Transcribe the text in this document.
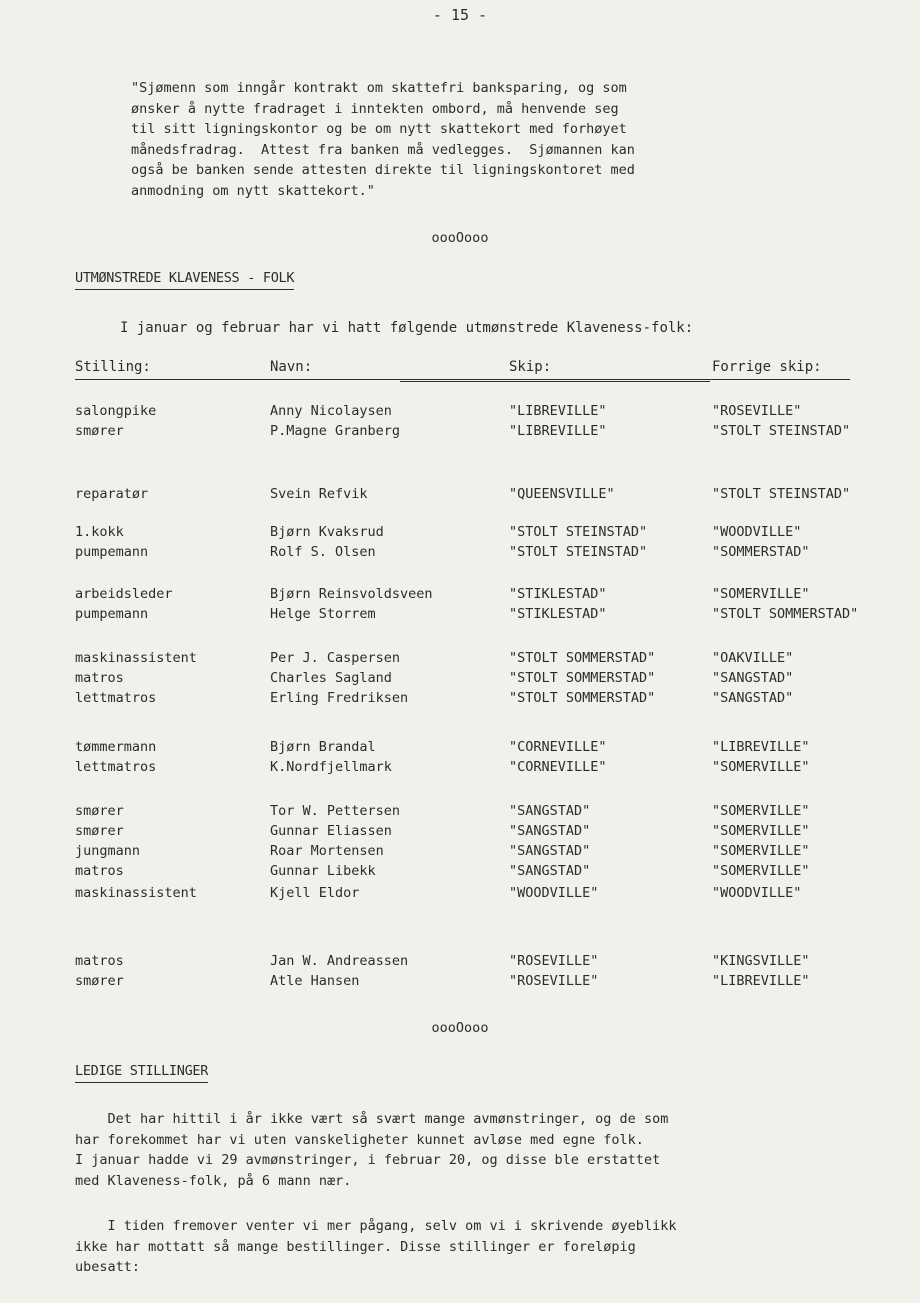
- 15 -
"Sjømenn som inngår kontrakt om skattefri banksparing, og som
ønsker å nytte fradraget i inntekten ombord, må henvende seg
til sitt ligningskontor og be om nytt skattekort med forhøyet
månedsfradrag.  Attest fra banken må vedlegges.  Sjømannen kan
også be banken sende attesten direkte til ligningskontoret med
anmodning om nytt skattekort."
oooOooo
UTMØNSTREDE KLAVENESS - FOLK
I januar og februar har vi hatt følgende utmønstrede Klaveness-folk:
Stilling:	Navn:	Skip:	Forrige skip:
salongpike	Anny Nicolaysen	"LIBREVILLE"	"ROSEVILLE"
smører	P.Magne Granberg	"LIBREVILLE"	"STOLT STEINSTAD"
reparatør	Svein Refvik	"QUEENSVILLE"	"STOLT STEINSTAD"
1.kokk	Bjørn Kvaksrud	"STOLT STEINSTAD"	"WOODVILLE"
pumpemann	Rolf S. Olsen	"STOLT STEINSTAD"	"SOMMERSTAD"
arbeidsleder	Bjørn Reinsvoldsveen	"STIKLESTAD"	"SOMERVILLE"
pumpemann	Helge Storrem	"STIKLESTAD"	"STOLT SOMMERSTAD"
maskinassistent	Per J. Caspersen	"STOLT SOMMERSTAD"	"OAKVILLE"
matros	Charles Sagland	"STOLT SOMMERSTAD"	"SANGSTAD"
lettmatros	Erling Fredriksen	"STOLT SOMMERSTAD"	"SANGSTAD"
tømmermann	Bjørn Brandal	"CORNEVILLE"	"LIBREVILLE"
lettmatros	K.Nordfjellmark	"CORNEVILLE"	"SOMERVILLE"
smører	Tor W. Pettersen	"SANGSTAD"	"SOMERVILLE"
smører	Gunnar Eliassen	"SANGSTAD"	"SOMERVILLE"
jungmann	Roar Mortensen	"SANGSTAD"	"SOMERVILLE"
matros	Gunnar Libekk	"SANGSTAD"	"SOMERVILLE"
maskinassistent	Kjell Eldor	"WOODVILLE"	"WOODVILLE"
matros	Jan W. Andreassen	"ROSEVILLE"	"KINGSVILLE"
smører	Atle Hansen	"ROSEVILLE"	"LIBREVILLE"
oooOooo
LEDIGE STILLINGER
Det har hittil i år ikke vært så svært mange avmønstringer, og de som
har forekommet har vi uten vanskeligheter kunnet avløse med egne folk.
I januar hadde vi 29 avmønstringer, i februar 20, og disse ble erstattet
med Klaveness-folk, på 6 mann nær.
I tiden fremover venter vi mer pågang, selv om vi i skrivende øyeblikk
ikke har mottatt så mange bestillinger. Disse stillinger er foreløpig
ubesatt:
